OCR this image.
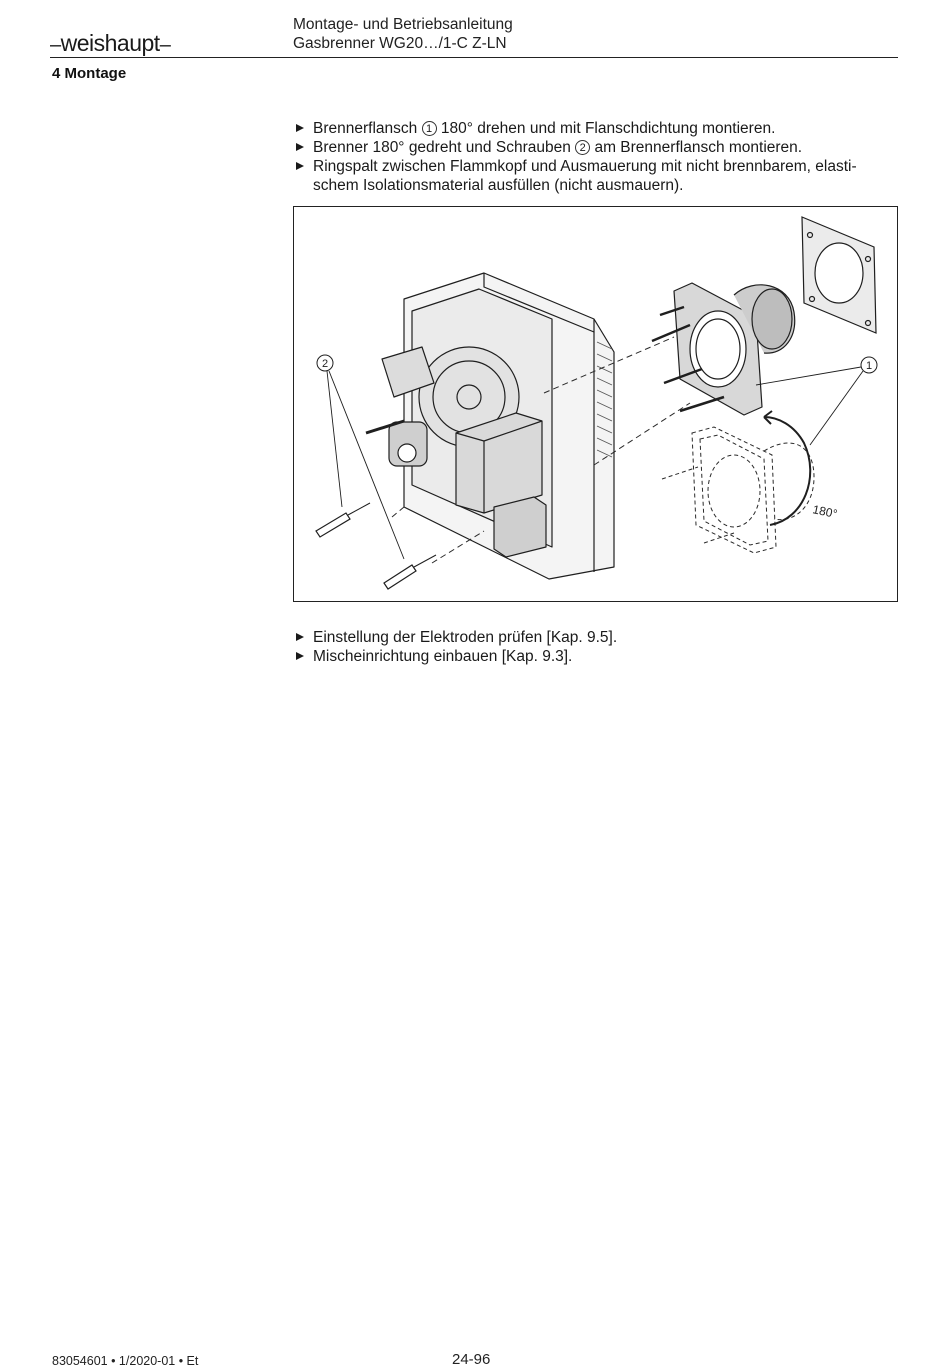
–weishaupt–
Montage- und Betriebsanleitung
Gasbrenner WG20…/1-C Z-LN
4 Montage
Brennerflansch 1 180° drehen und mit Flanschdichtung montieren.
Brenner 180° gedreht und Schrauben 2 am Brennerflansch montieren.
Ringspalt zwischen Flammkopf und Ausmauerung mit nicht brennbarem, elasti-
schem Isolationsmaterial ausfüllen (nicht ausmauern).
180°
2	1
Einstellung der Elektroden prüfen [Kap. 9.5].
Mischeinrichtung einbauen [Kap. 9.3].
83054601 • 1/2020-01 • Et	24-96
